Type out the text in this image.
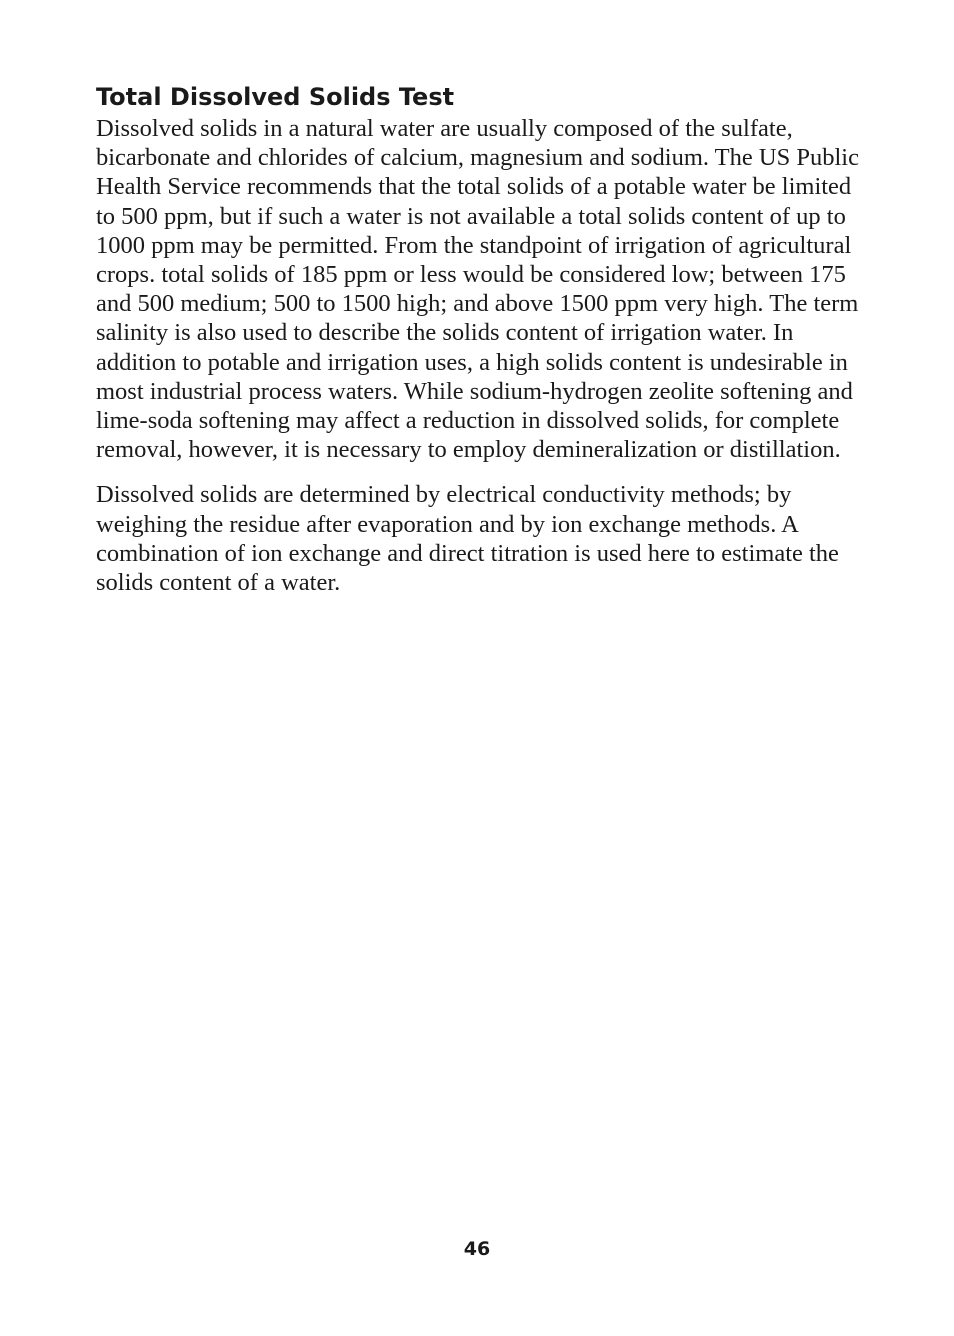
Total Dissolved Solids Test

Dissolved solids in a natural water are usually composed of the sulfate, bicarbonate and chlorides of calcium, magnesium and sodium. The US Public Health Service recommends that the total solids of a potable water be limited to 500 ppm, but if such a water is not available a total solids content of up to 1000 ppm may be permitted. From the standpoint of irrigation of agricultural crops. total solids of 185 ppm or less would be considered low; between 175 and 500 medium; 500 to 1500 high; and above 1500 ppm very high. The term salinity is also used to describe the solids content of irrigation water. In addition to potable and irrigation uses, a high solids content is undesirable in most industrial process waters. While sodium-hydrogen zeolite softening and lime-soda softening may affect a reduction in dissolved solids, for complete removal, however, it is necessary to employ demineralization or distillation.

Dissolved solids are determined by electrical conductivity methods; by weighing the residue after evaporation and by ion exchange methods. A combination of ion exchange and direct titration is used here to estimate the solids content of a water.

46
